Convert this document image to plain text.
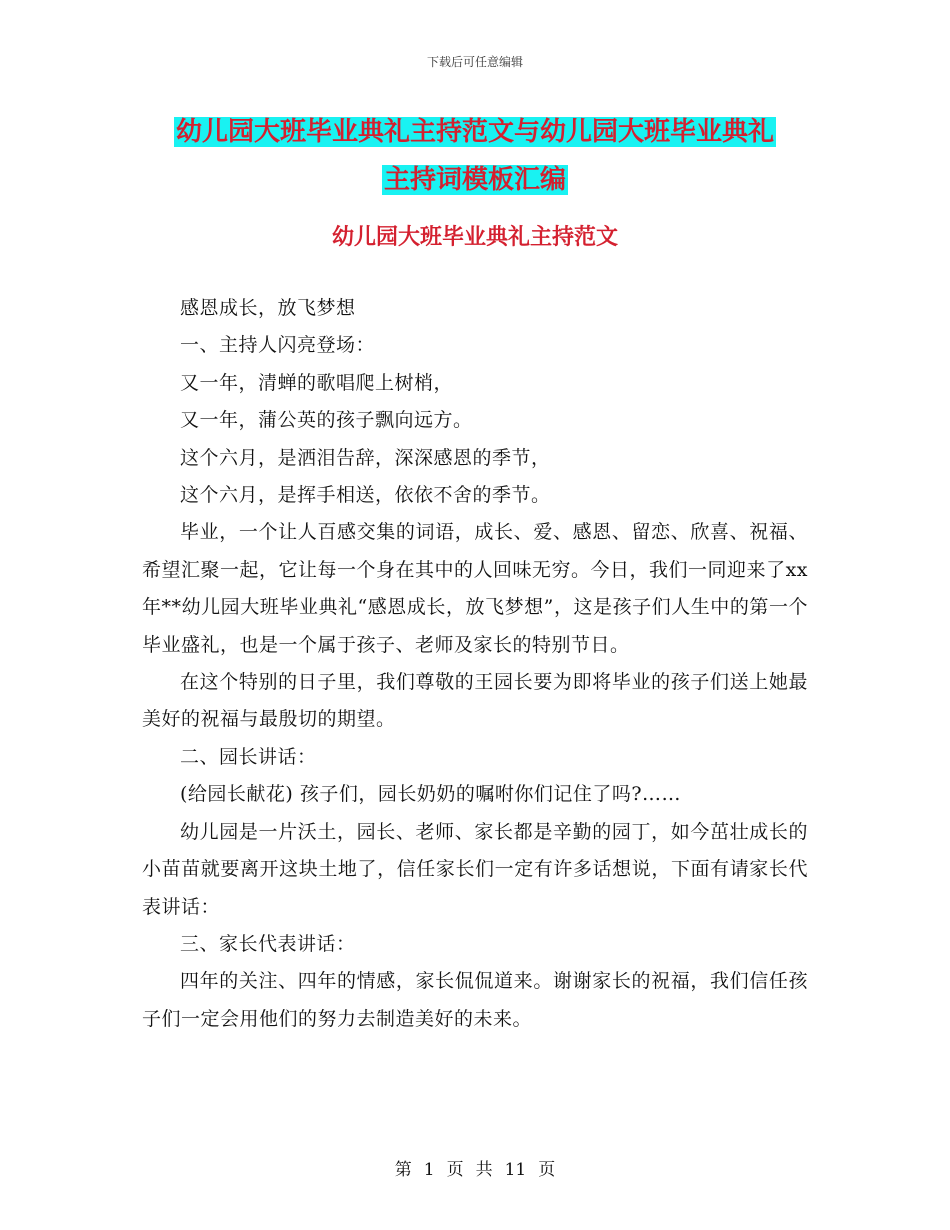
下载后可任意编辑
幼儿园大班毕业典礼主持范文与幼儿园大班毕业典礼
主持词模板汇编
幼儿园大班毕业典礼主持范文

感恩成长，放飞梦想

一、主持人闪亮登场：

又一年，清蝉的歌唱爬上树梢，

又一年，蒲公英的孩子飘向远方。

这个六月，是洒泪告辞，深深感恩的季节，

这个六月，是挥手相送，依依不舍的季节。

毕业，一个让人百感交集的词语，成长、爱、感恩、留恋、欣喜、祝福、希望汇聚一起，它让每一个身在其中的人回味无穷。今日，我们一同迎来了xx年**幼儿园大班毕业典礼“感恩成长，放飞梦想”，这是孩子们人生中的第一个毕业盛礼，也是一个属于孩子、老师及家长的特别节日。

在这个特别的日子里，我们尊敬的王园长要为即将毕业的孩子们送上她最美好的祝福与最殷切的期望。

二、园长讲话：

(给园长献花) 孩子们，园长奶奶的嘱咐你们记住了吗?……

幼儿园是一片沃土，园长、老师、家长都是辛勤的园丁，如今茁壮成长的小苗苗就要离开这块土地了，信任家长们一定有许多话想说，下面有请家长代表讲话：

三、家长代表讲话：

四年的关注、四年的情感，家长侃侃道来。谢谢家长的祝福，我们信任孩子们一定会用他们的努力去制造美好的未来。

第 1 页 共 11 页
